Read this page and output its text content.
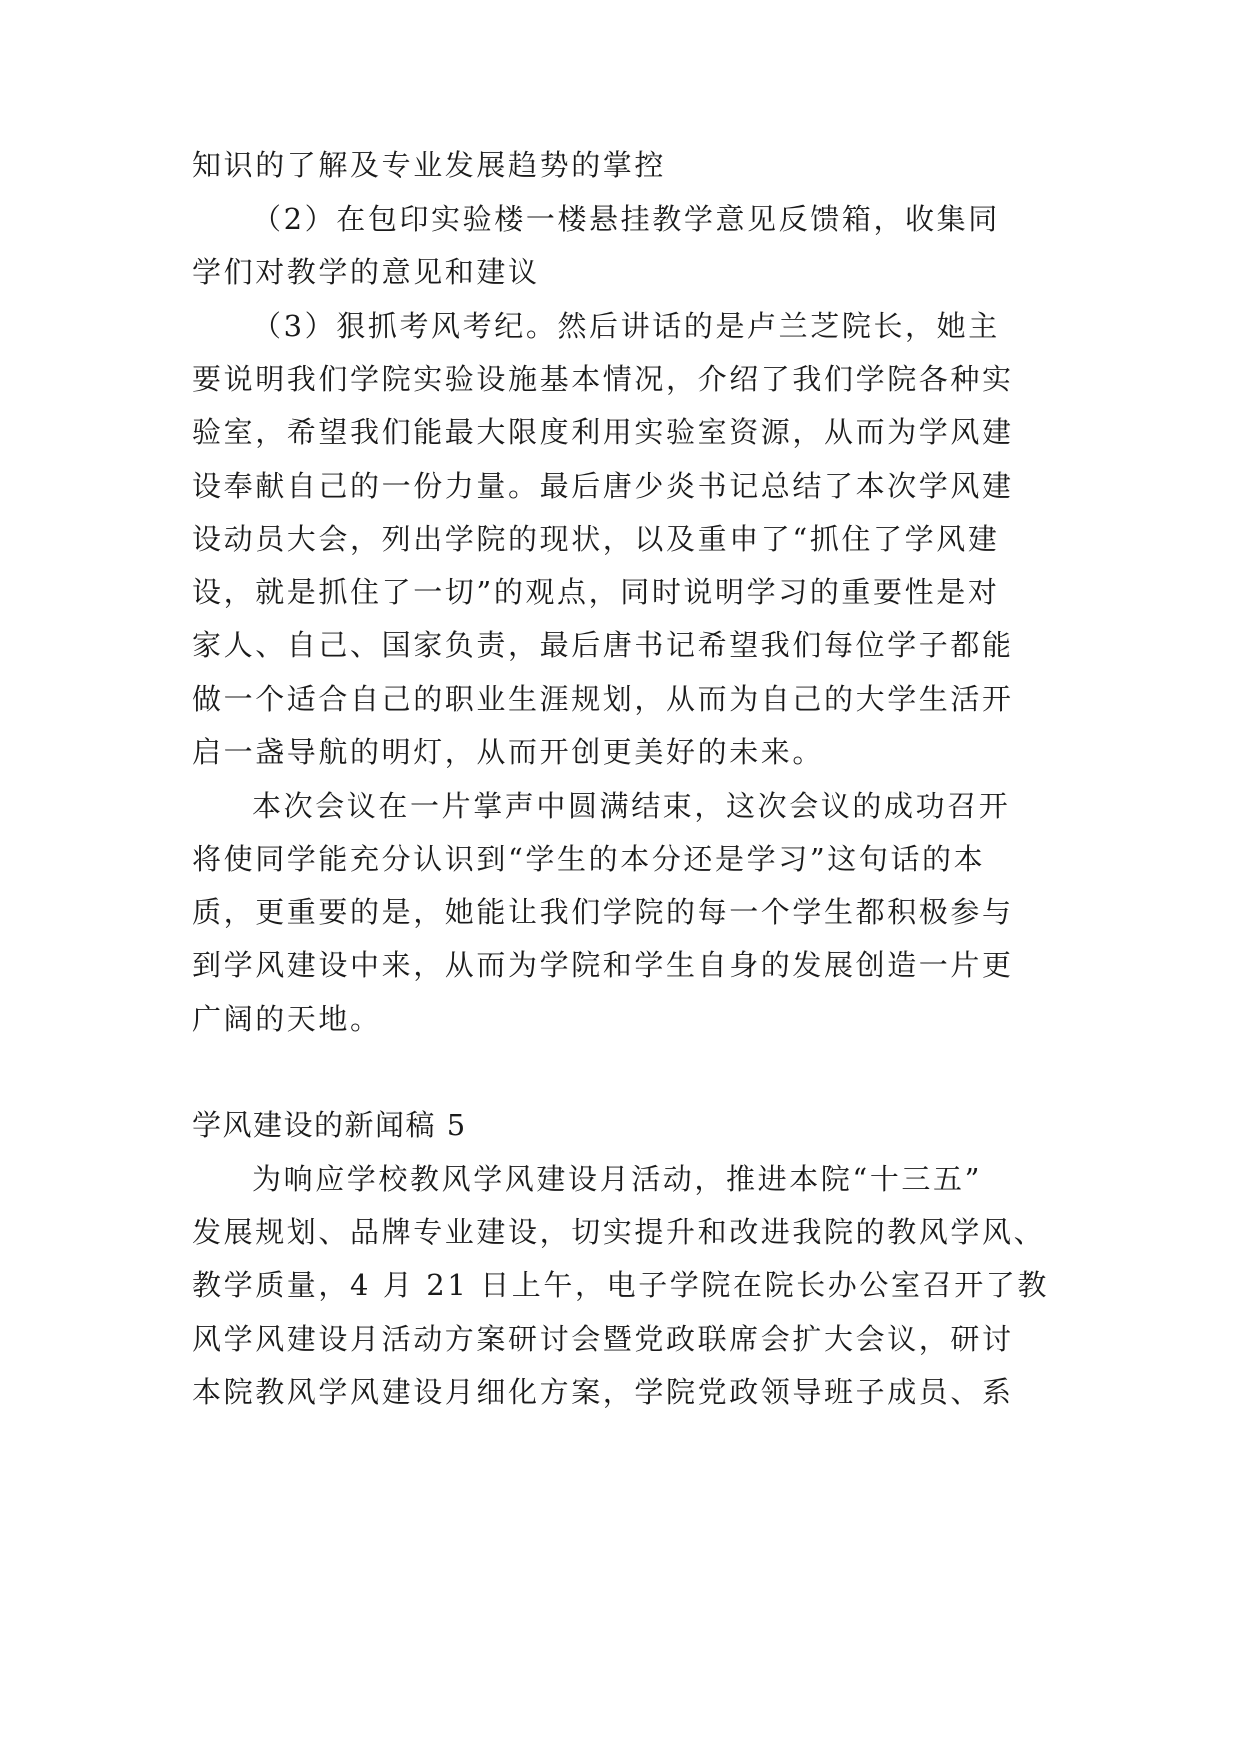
知识的了解及专业发展趋势的掌控
（2）在包印实验楼一楼悬挂教学意见反馈箱，收集同
学们对教学的意见和建议
（3）狠抓考风考纪。然后讲话的是卢兰芝院长，她主
要说明我们学院实验设施基本情况，介绍了我们学院各种实
验室，希望我们能最大限度利用实验室资源，从而为学风建
设奉献自己的一份力量。最后唐少炎书记总结了本次学风建
设动员大会，列出学院的现状，以及重申了“抓住了学风建
设，就是抓住了一切”的观点，同时说明学习的重要性是对
家人、自己、国家负责，最后唐书记希望我们每位学子都能
做一个适合自己的职业生涯规划，从而为自己的大学生活开
启一盏导航的明灯，从而开创更美好的未来。
本次会议在一片掌声中圆满结束，这次会议的成功召开
将使同学能充分认识到“学生的本分还是学习”这句话的本
质，更重要的是，她能让我们学院的每一个学生都积极参与
到学风建设中来，从而为学院和学生自身的发展创造一片更
广阔的天地。
学风建设的新闻稿 5
为响应学校教风学风建设月活动，推进本院“十三五”
发展规划、品牌专业建设，切实提升和改进我院的教风学风、
教学质量，4 月 21 日上午，电子学院在院长办公室召开了教
风学风建设月活动方案研讨会暨党政联席会扩大会议，研讨
本院教风学风建设月细化方案，学院党政领导班子成员、系
